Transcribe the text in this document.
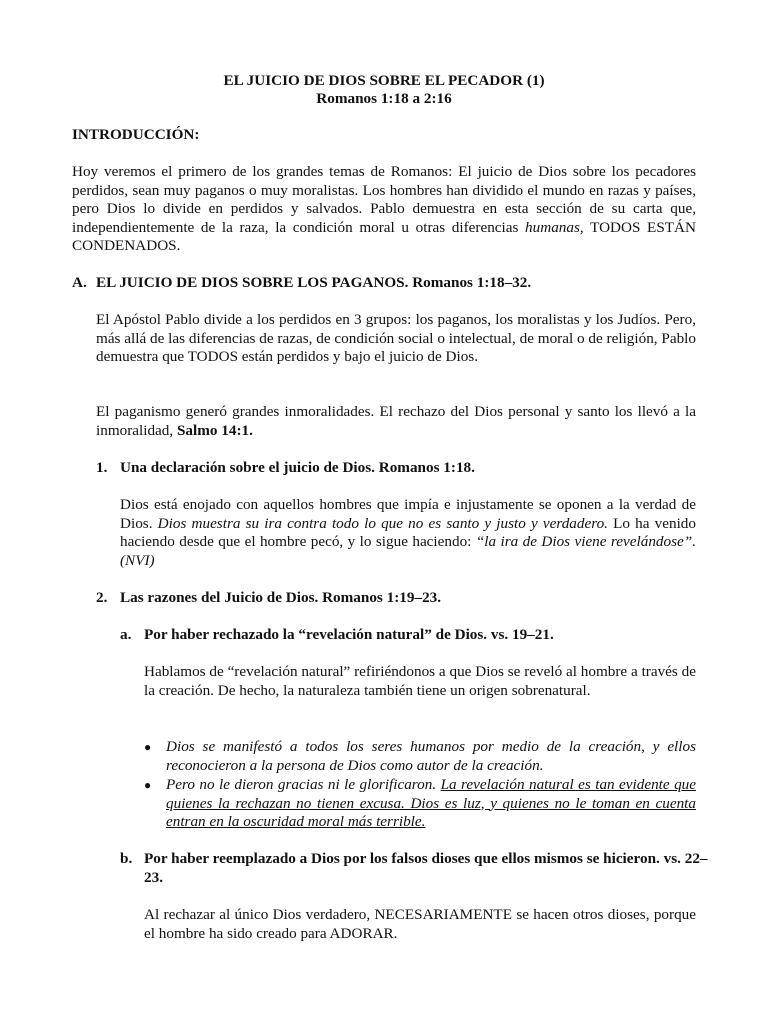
EL JUICIO DE DIOS SOBRE EL PECADOR (1)

Romanos 1:18 a 2:16

INTRODUCCIÓN:

Hoy veremos el primero de los grandes temas de Romanos: El juicio de Dios sobre los pecadores perdidos, sean muy paganos o muy moralistas. Los hombres han dividido el mundo en razas y países, pero Dios lo divide en perdidos y salvados. Pablo demuestra en esta sección de su carta que, independientemente de la raza, la condición moral u otras diferencias humanas, TODOS ESTÁN CONDENADOS.

A. EL JUICIO DE DIOS SOBRE LOS PAGANOS. Romanos 1:18–32.

El Apóstol Pablo divide a los perdidos en 3 grupos: los paganos, los moralistas y los Judíos. Pero, más allá de las diferencias de razas, de condición social o intelectual, de moral o de religión, Pablo demuestra que TODOS están perdidos y bajo el juicio de Dios.

El paganismo generó grandes inmoralidades. El rechazo del Dios personal y santo los llevó a la inmoralidad, Salmo 14:1.

1. Una declaración sobre el juicio de Dios. Romanos 1:18.

Dios está enojado con aquellos hombres que impía e injustamente se oponen a la verdad de Dios. Dios muestra su ira contra todo lo que no es santo y justo y verdadero. Lo ha venido haciendo desde que el hombre pecó, y lo sigue haciendo: “la ira de Dios viene revelándose”. (NVI)

2. Las razones del Juicio de Dios. Romanos 1:19–23.

a. Por haber rechazado la “revelación natural” de Dios. vs. 19–21.

Hablamos de “revelación natural” refiriéndonos a que Dios se reveló al hombre a través de la creación. De hecho, la naturaleza también tiene un origen sobrenatural.

● Dios se manifestó a todos los seres humanos por medio de la creación, y ellos reconocieron a la persona de Dios como autor de la creación.

● Pero no le dieron gracias ni le glorificaron. La revelación natural es tan evidente que quienes la rechazan no tienen excusa. Dios es luz, y quienes no le toman en cuenta entran en la oscuridad moral más terrible.

b. Por haber reemplazado a Dios por los falsos dioses que ellos mismos se hicieron. vs. 22–23.

Al rechazar al único Dios verdadero, NECESARIAMENTE se hacen otros dioses, porque el hombre ha sido creado para ADORAR.
